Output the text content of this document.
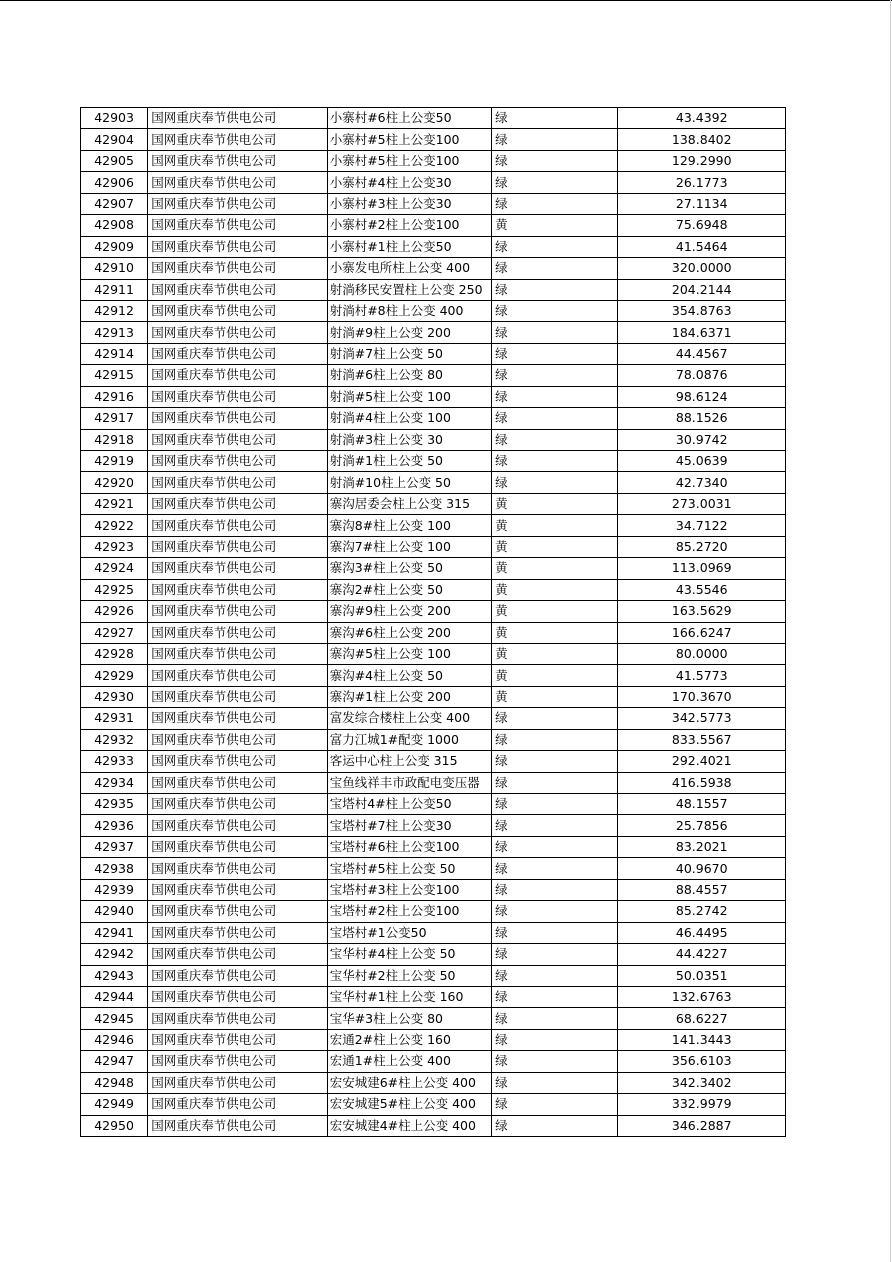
42903	国网重庆奉节供电公司	小寨村#6柱上公变50	绿	43.4392
42904	国网重庆奉节供电公司	小寨村#5柱上公变100	绿	138.8402
42905	国网重庆奉节供电公司	小寨村#5柱上公变100	绿	129.2990
42906	国网重庆奉节供电公司	小寨村#4柱上公变30	绿	26.1773
42907	国网重庆奉节供电公司	小寨村#3柱上公变30	绿	27.1134
42908	国网重庆奉节供电公司	小寨村#2柱上公变100	黄	75.6948
42909	国网重庆奉节供电公司	小寨村#1柱上公变50	绿	41.5464
42910	国网重庆奉节供电公司	小寨发电所柱上公变 400	绿	320.0000
42911	国网重庆奉节供电公司	射淌移民安置柱上公变 250	绿	204.2144
42912	国网重庆奉节供电公司	射淌村#8柱上公变 400	绿	354.8763
42913	国网重庆奉节供电公司	射淌#9柱上公变 200	绿	184.6371
42914	国网重庆奉节供电公司	射淌#7柱上公变 50	绿	44.4567
42915	国网重庆奉节供电公司	射淌#6柱上公变 80	绿	78.0876
42916	国网重庆奉节供电公司	射淌#5柱上公变 100	绿	98.6124
42917	国网重庆奉节供电公司	射淌#4柱上公变 100	绿	88.1526
42918	国网重庆奉节供电公司	射淌#3柱上公变 30	绿	30.9742
42919	国网重庆奉节供电公司	射淌#1柱上公变 50	绿	45.0639
42920	国网重庆奉节供电公司	射淌#10柱上公变 50	绿	42.7340
42921	国网重庆奉节供电公司	寨沟居委会柱上公变 315	黄	273.0031
42922	国网重庆奉节供电公司	寨沟8#柱上公变 100	黄	34.7122
42923	国网重庆奉节供电公司	寨沟7#柱上公变 100	黄	85.2720
42924	国网重庆奉节供电公司	寨沟3#柱上公变 50	黄	113.0969
42925	国网重庆奉节供电公司	寨沟2#柱上公变 50	黄	43.5546
42926	国网重庆奉节供电公司	寨沟#9柱上公变 200	黄	163.5629
42927	国网重庆奉节供电公司	寨沟#6柱上公变 200	黄	166.6247
42928	国网重庆奉节供电公司	寨沟#5柱上公变 100	黄	80.0000
42929	国网重庆奉节供电公司	寨沟#4柱上公变 50	黄	41.5773
42930	国网重庆奉节供电公司	寨沟#1柱上公变 200	黄	170.3670
42931	国网重庆奉节供电公司	富发综合楼柱上公变 400	绿	342.5773
42932	国网重庆奉节供电公司	富力江城1#配变 1000	绿	833.5567
42933	国网重庆奉节供电公司	客运中心柱上公变 315	绿	292.4021
42934	国网重庆奉节供电公司	宝鱼线祥丰市政配电变压器	绿	416.5938
42935	国网重庆奉节供电公司	宝塔村4#柱上公变50	绿	48.1557
42936	国网重庆奉节供电公司	宝塔村#7柱上公变30	绿	25.7856
42937	国网重庆奉节供电公司	宝塔村#6柱上公变100	绿	83.2021
42938	国网重庆奉节供电公司	宝塔村#5柱上公变 50	绿	40.9670
42939	国网重庆奉节供电公司	宝塔村#3柱上公变100	绿	88.4557
42940	国网重庆奉节供电公司	宝塔村#2柱上公变100	绿	85.2742
42941	国网重庆奉节供电公司	宝塔村#1公变50	绿	46.4495
42942	国网重庆奉节供电公司	宝华村#4柱上公变 50	绿	44.4227
42943	国网重庆奉节供电公司	宝华村#2柱上公变 50	绿	50.0351
42944	国网重庆奉节供电公司	宝华村#1柱上公变 160	绿	132.6763
42945	国网重庆奉节供电公司	宝华#3柱上公变 80	绿	68.6227
42946	国网重庆奉节供电公司	宏通2#柱上公变 160	绿	141.3443
42947	国网重庆奉节供电公司	宏通1#柱上公变 400	绿	356.6103
42948	国网重庆奉节供电公司	宏安城建6#柱上公变 400	绿	342.3402
42949	国网重庆奉节供电公司	宏安城建5#柱上公变 400	绿	332.9979
42950	国网重庆奉节供电公司	宏安城建4#柱上公变 400	绿	346.2887
